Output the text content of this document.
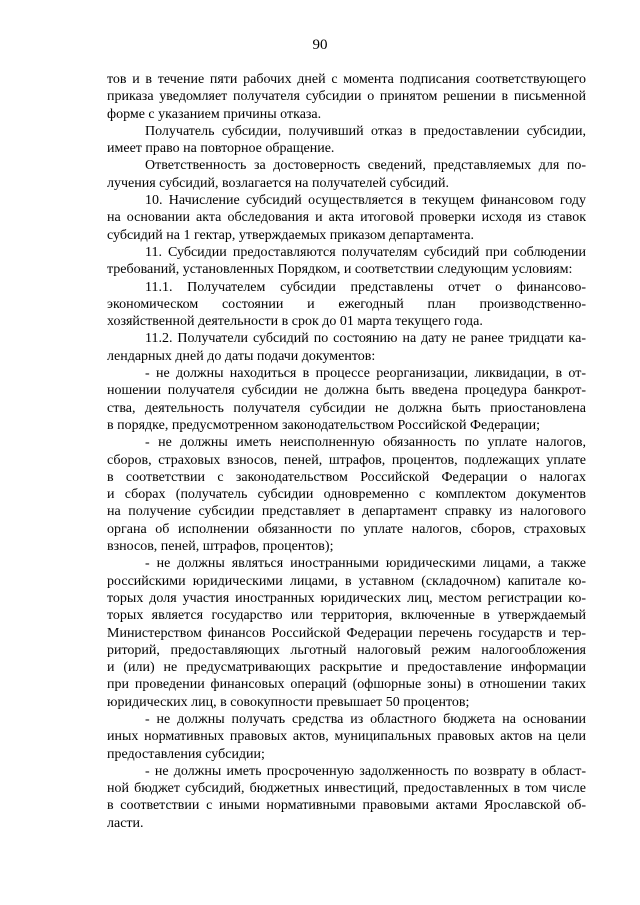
90
тов и в течение пяти рабочих дней с момента подписания соответствующего
приказа уведомляет получателя субсидии о принятом решении в письменной
форме с указанием причины отказа.
Получатель субсидии, получивший отказ в предоставлении субсидии,
имеет право на повторное обращение.
Ответственность за достоверность сведений, представляемых для по-
лучения субсидий, возлагается на получателей субсидий.
10. Начисление субсидий осуществляется в текущем финансовом году
на основании акта обследования и акта итоговой проверки исходя из ставок
субсидий на 1 гектар, утверждаемых приказом департамента.
11. Субсидии предоставляются получателям субсидий при соблюдении
требований, установленных Порядком, и соответствии следующим условиям:
11.1. Получателем субсидии представлены отчет о финансово-
экономическом состоянии и ежегодный план производственно-
хозяйственной деятельности в срок до 01 марта текущего года.
11.2. Получатели субсидий по состоянию на дату не ранее тридцати ка-
лендарных дней до даты подачи документов:
- не должны находиться в процессе реорганизации, ликвидации, в от-
ношении получателя субсидии не должна быть введена процедура банкрот-
ства, деятельность получателя субсидии не должна быть приостановлена
в порядке, предусмотренном законодательством Российской Федерации;
- не должны иметь неисполненную обязанность по уплате налогов,
сборов, страховых взносов, пеней, штрафов, процентов, подлежащих уплате
в соответствии с законодательством Российской Федерации о налогах
и сборах (получатель субсидии одновременно с комплектом документов
на получение субсидии представляет в департамент справку из налогового
органа об исполнении обязанности по уплате налогов, сборов, страховых
взносов, пеней, штрафов, процентов);
- не должны являться иностранными юридическими лицами, а также
российскими юридическими лицами, в уставном (складочном) капитале ко-
торых доля участия иностранных юридических лиц, местом регистрации ко-
торых является государство или территория, включенные в утверждаемый
Министерством финансов Российской Федерации перечень государств и тер-
риторий, предоставляющих льготный налоговый режим налогообложения
и (или) не предусматривающих раскрытие и предоставление информации
при проведении финансовых операций (офшорные зоны) в отношении таких
юридических лиц, в совокупности превышает 50 процентов;
- не должны получать средства из областного бюджета на основании
иных нормативных правовых актов, муниципальных правовых актов на цели
предоставления субсидии;
- не должны иметь просроченную задолженность по возврату в област-
ной бюджет субсидий, бюджетных инвестиций, предоставленных в том числе
в соответствии с иными нормативными правовыми актами Ярославской об-
ласти.
